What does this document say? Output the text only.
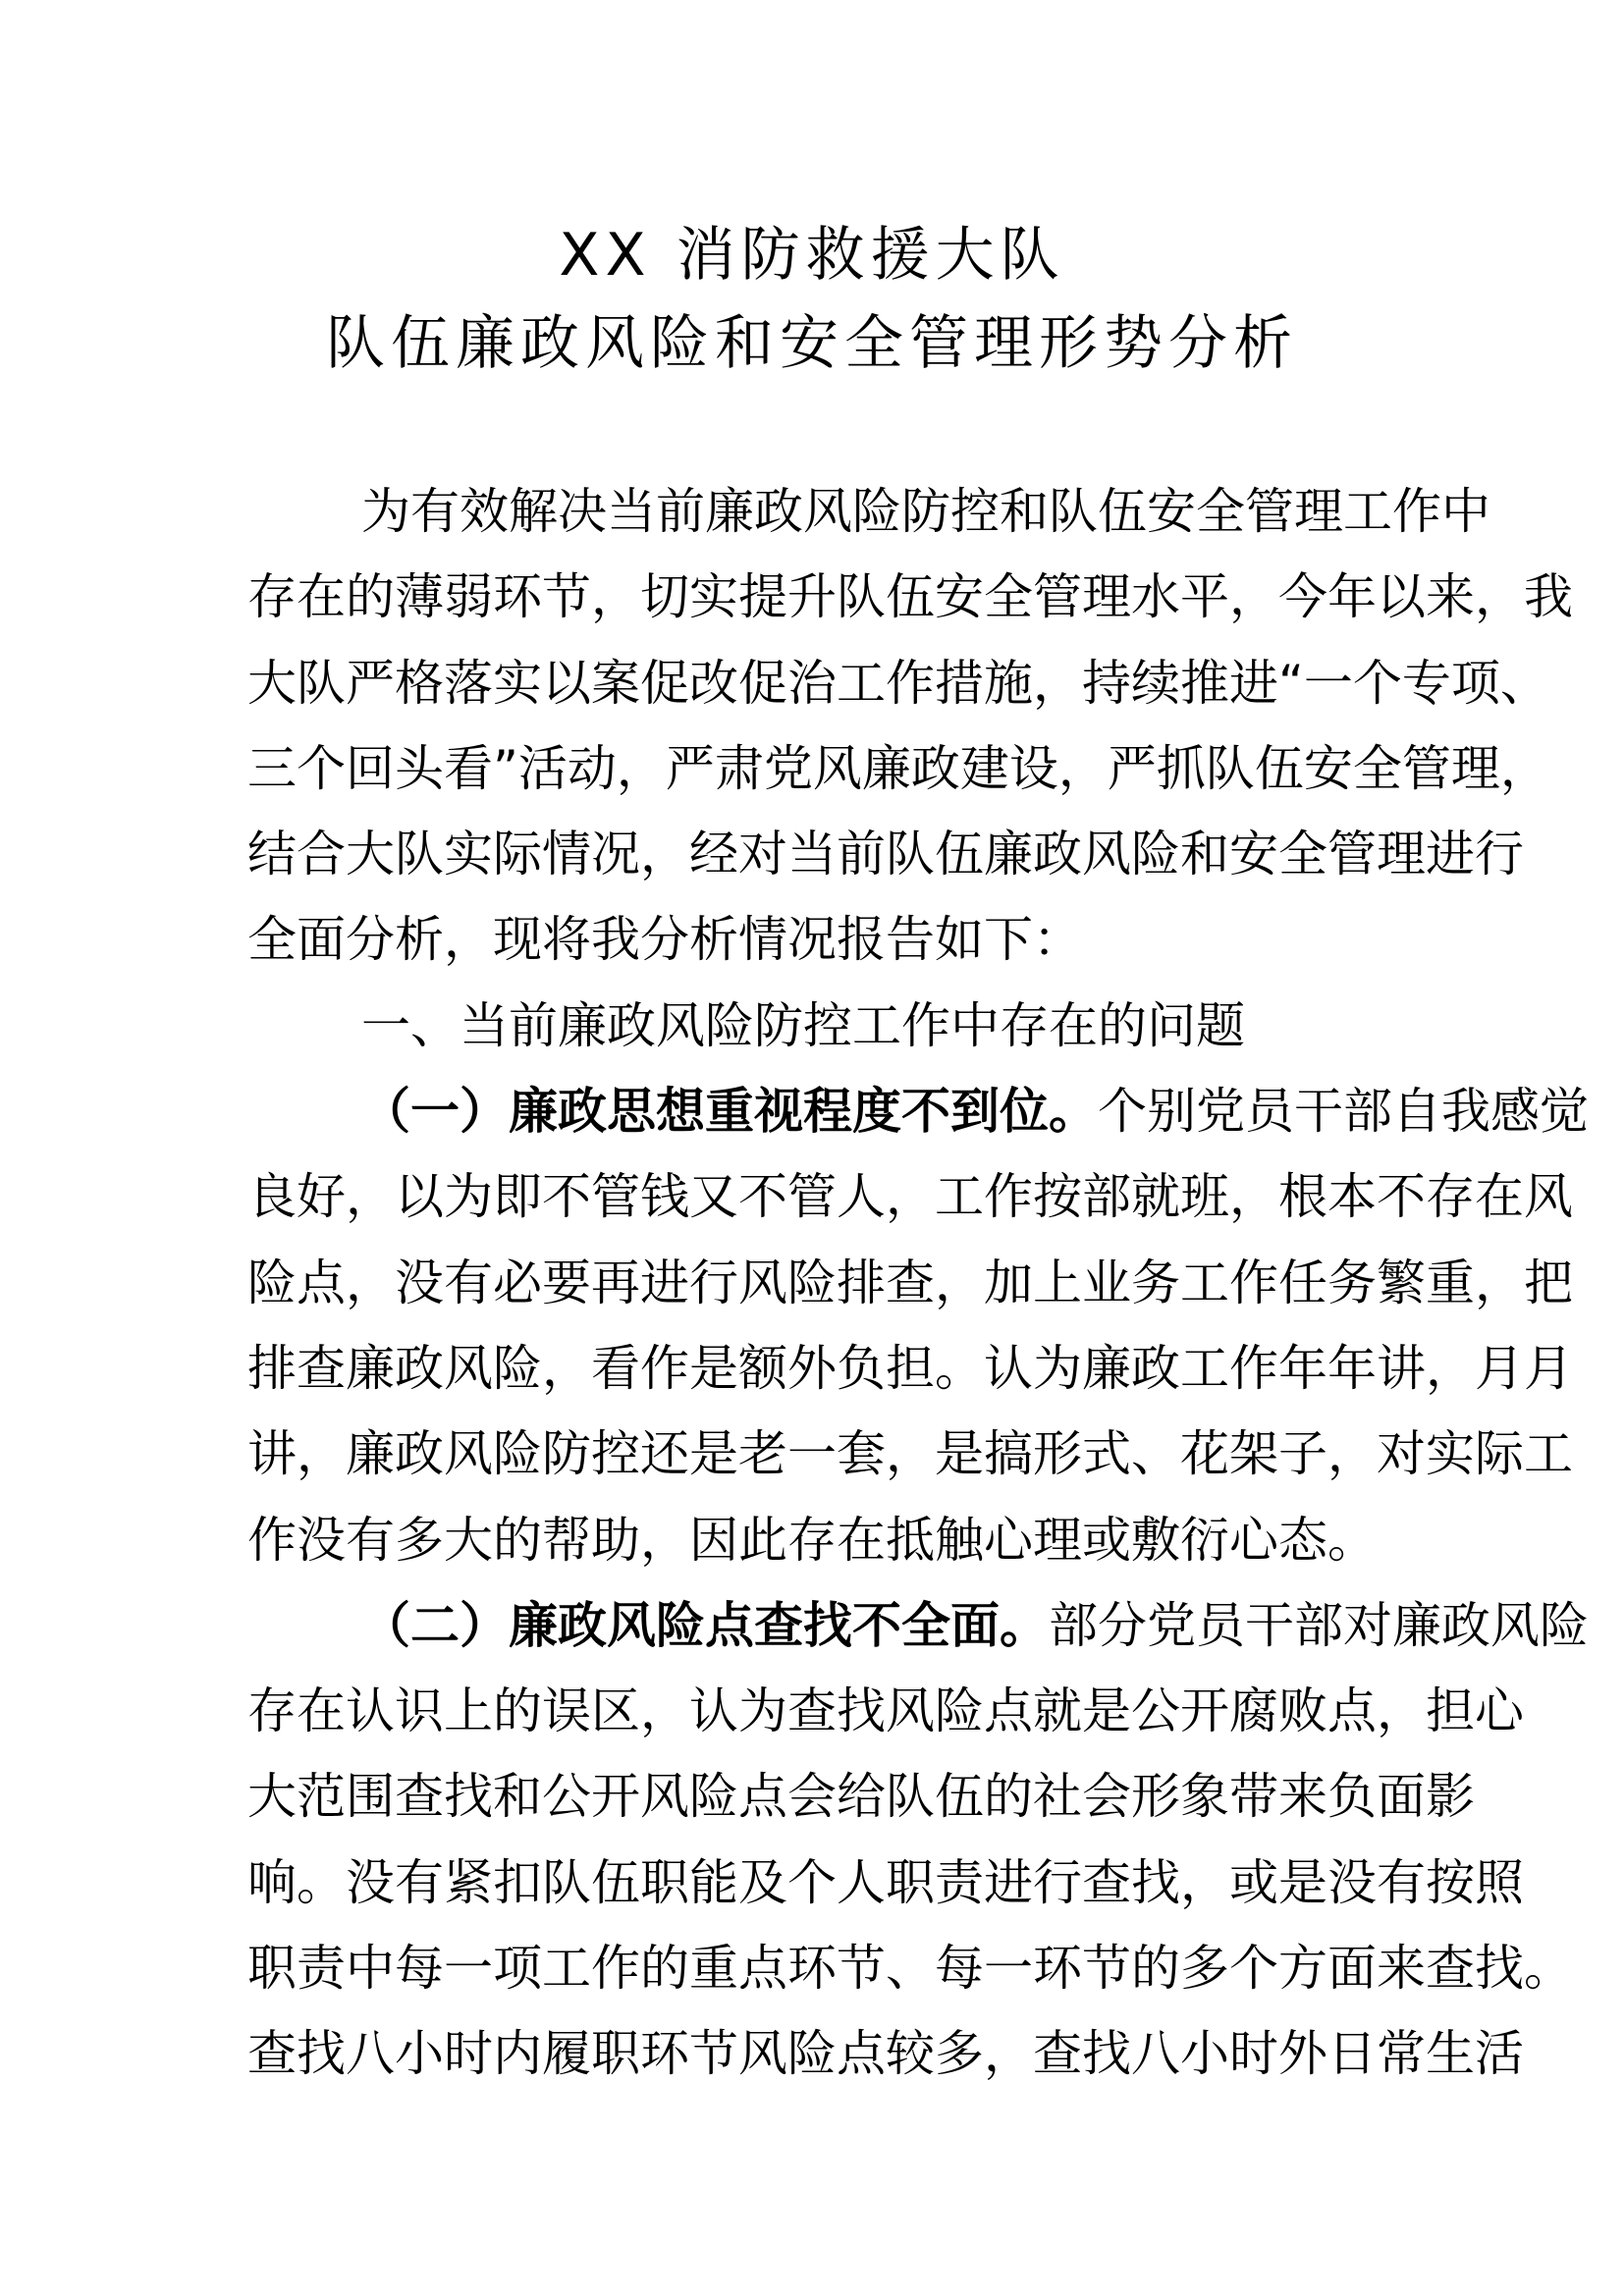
XX 消防救援大队
队伍廉政风险和安全管理形势分析
为有效解决当前廉政风险防控和队伍安全管理工作中
存在的薄弱环节，切实提升队伍安全管理水平，今年以来，我
大队严格落实以案促改促治工作措施，持续推进“一个专项、
三个回头看”活动，严肃党风廉政建设，严抓队伍安全管理，
结合大队实际情况，经对当前队伍廉政风险和安全管理进行
全面分析，现将我分析情况报告如下：
一、当前廉政风险防控工作中存在的问题
（一）廉政思想重视程度不到位。个别党员干部自我感觉
良好，以为即不管钱又不管人，工作按部就班，根本不存在风
险点，没有必要再进行风险排查，加上业务工作任务繁重，把
排查廉政风险，看作是额外负担。认为廉政工作年年讲，月月
讲，廉政风险防控还是老一套，是搞形式、花架子，对实际工
作没有多大的帮助，因此存在抵触心理或敷衍心态。
（二）廉政风险点查找不全面。部分党员干部对廉政风险
存在认识上的误区，认为查找风险点就是公开腐败点，担心
大范围查找和公开风险点会给队伍的社会形象带来负面影
响。没有紧扣队伍职能及个人职责进行查找，或是没有按照
职责中每一项工作的重点环节、每一环节的多个方面来查找。
查找八小时内履职环节风险点较多，查找八小时外日常生活
